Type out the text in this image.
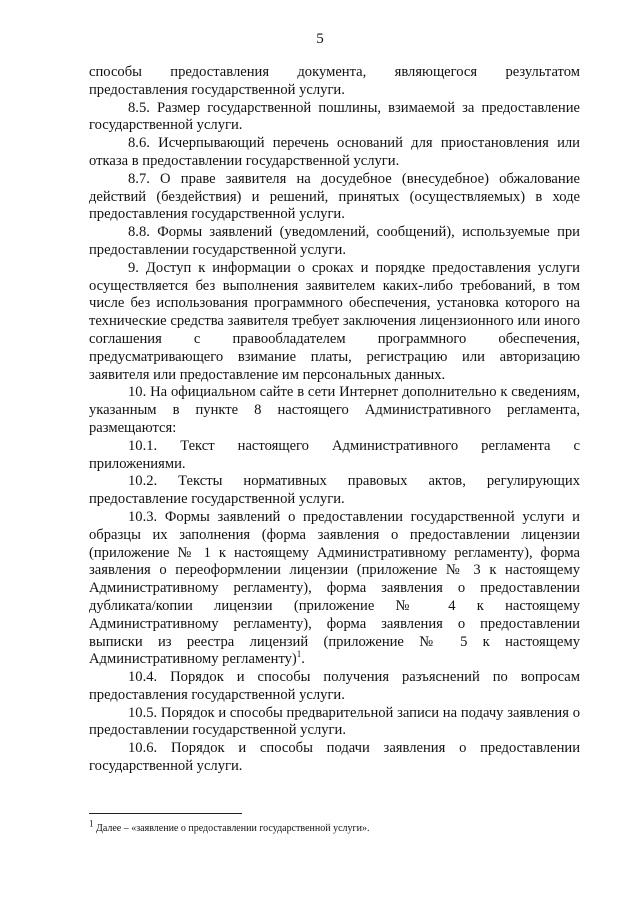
5

способы предоставления документа, являющегося результатом предоставления государственной услуги.

8.5. Размер государственной пошлины, взимаемой за предоставление государственной услуги.

8.6. Исчерпывающий перечень оснований для приостановления или отказа в предоставлении государственной услуги.

8.7. О праве заявителя на досудебное (внесудебное) обжалование действий (бездействия) и решений, принятых (осуществляемых) в ходе предоставления государственной услуги.

8.8. Формы заявлений (уведомлений, сообщений), используемые при предоставлении государственной услуги.

9. Доступ к информации о сроках и порядке предоставления услуги осуществляется без выполнения заявителем каких-либо требований, в том числе без использования программного обеспечения, установка которого на технические средства заявителя требует заключения лицензионного или иного соглашения с правообладателем программного обеспечения, предусматривающего взимание платы, регистрацию или авторизацию заявителя или предоставление им персональных данных.

10. На официальном сайте в сети Интернет дополнительно к сведениям, указанным в пункте 8 настоящего Административного регламента, размещаются:

10.1. Текст настоящего Административного регламента с приложениями.

10.2. Тексты нормативных правовых актов, регулирующих предоставление государственной услуги.

10.3. Формы заявлений о предоставлении государственной услуги и образцы их заполнения (форма заявления о предоставлении лицензии (приложение № 1 к настоящему Административному регламенту), форма заявления о переоформлении лицензии (приложение № 3 к настоящему Административному регламенту), форма заявления о предоставлении дубликата/копии лицензии (приложение № 4 к настоящему Административному регламенту), форма заявления о предоставлении выписки из реестра лицензий (приложение № 5 к настоящему Административному регламенту)$^1$.

10.4. Порядок и способы получения разъяснений по вопросам предоставления государственной услуги.

10.5. Порядок и способы предварительной записи на подачу заявления о предоставлении государственной услуги.

10.6. Порядок и способы подачи заявления о предоставлении государственной услуги.

$^1$ Далее – «заявление о предоставлении государственной услуги».
